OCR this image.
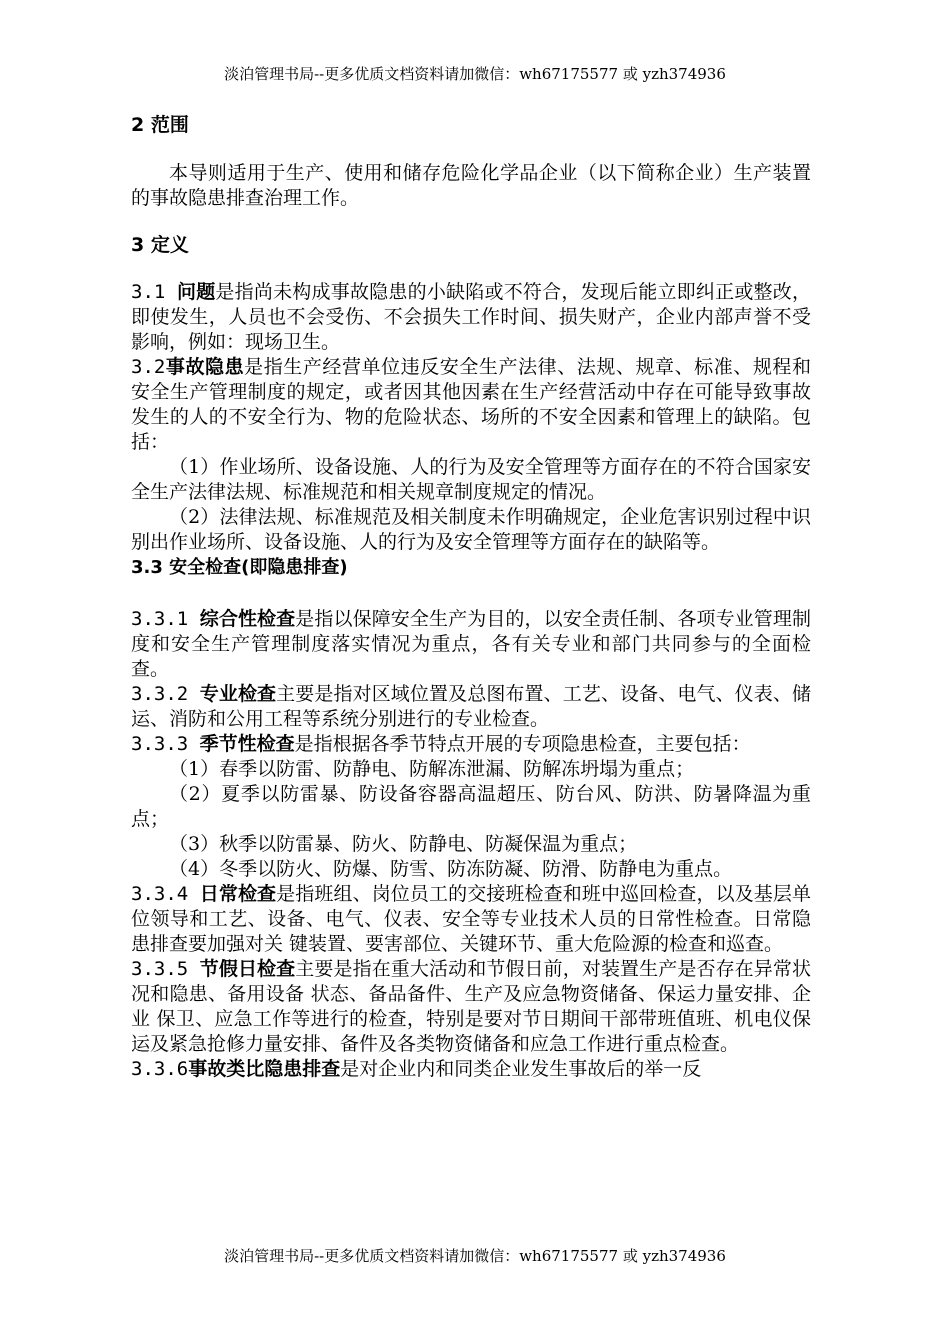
淡泊管理书局--更多优质文档资料请加微信：wh67175577 或 yzh374936
2 范围

本导则适用于生产、使用和储存危险化学品企业（以下简称企业）生产装置的事故隐患排查治理工作。

3 定义

3.1 问题是指尚未构成事故隐患的小缺陷或不符合，发现后能立即纠正或整改，即使发生，人员也不会受伤、不会损失工作时间、损失财产，企业内部声誉不受影响，例如：现场卫生。

3.2事故隐患是指生产经营单位违反安全生产法律、法规、规章、标准、规程和安全生产管理制度的规定，或者因其他因素在生产经营活动中存在可能导致事故发生的人的不安全行为、物的危险状态、场所的不安全因素和管理上的缺陷。包括：

（1）作业场所、设备设施、人的行为及安全管理等方面存在的不符合国家安全生产法律法规、标准规范和相关规章制度规定的情况。

（2）法律法规、标准规范及相关制度未作明确规定，企业危害识别过程中识别出作业场所、设备设施、人的行为及安全管理等方面存在的缺陷等。

3.3 安全检查(即隐患排查)

3.3.1 综合性检查是指以保障安全生产为目的，以安全责任制、各项专业管理制度和安全生产管理制度落实情况为重点，各有关专业和部门共同参与的全面检查。

3.3.2 专业检查主要是指对区域位置及总图布置、工艺、设备、电气、仪表、储运、消防和公用工程等系统分别进行的专业检查。

3.3.3 季节性检查是指根据各季节特点开展的专项隐患检查，主要包括：

（1）春季以防雷、防静电、防解冻泄漏、防解冻坍塌为重点；

（2）夏季以防雷暴、防设备容器高温超压、防台风、防洪、防暑降温为重点；

（3）秋季以防雷暴、防火、防静电、防凝保温为重点；

（4）冬季以防火、防爆、防雪、防冻防凝、防滑、防静电为重点。

3.3.4 日常检查是指班组、岗位员工的交接班检查和班中巡回检查，以及基层单位领导和工艺、设备、电气、仪表、安全等专业技术人员的日常性检查。日常隐患排查要加强对关 键装置、要害部位、关键环节、重大危险源的检查和巡查。

3.3.5 节假日检查主要是指在重大活动和节假日前，对装置生产是否存在异常状况和隐患、备用设备 状态、备品备件、生产及应急物资储备、保运力量安排、企业 保卫、应急工作等进行的检查，特别是要对节日期间干部带班值班、机电仪保运及紧急抢修力量安排、备件及各类物资储备和应急工作进行重点检查。

3.3.6事故类比隐患排查是对企业内和同类企业发生事故后的举一反

淡泊管理书局--更多优质文档资料请加微信：wh67175577 或 yzh374936
